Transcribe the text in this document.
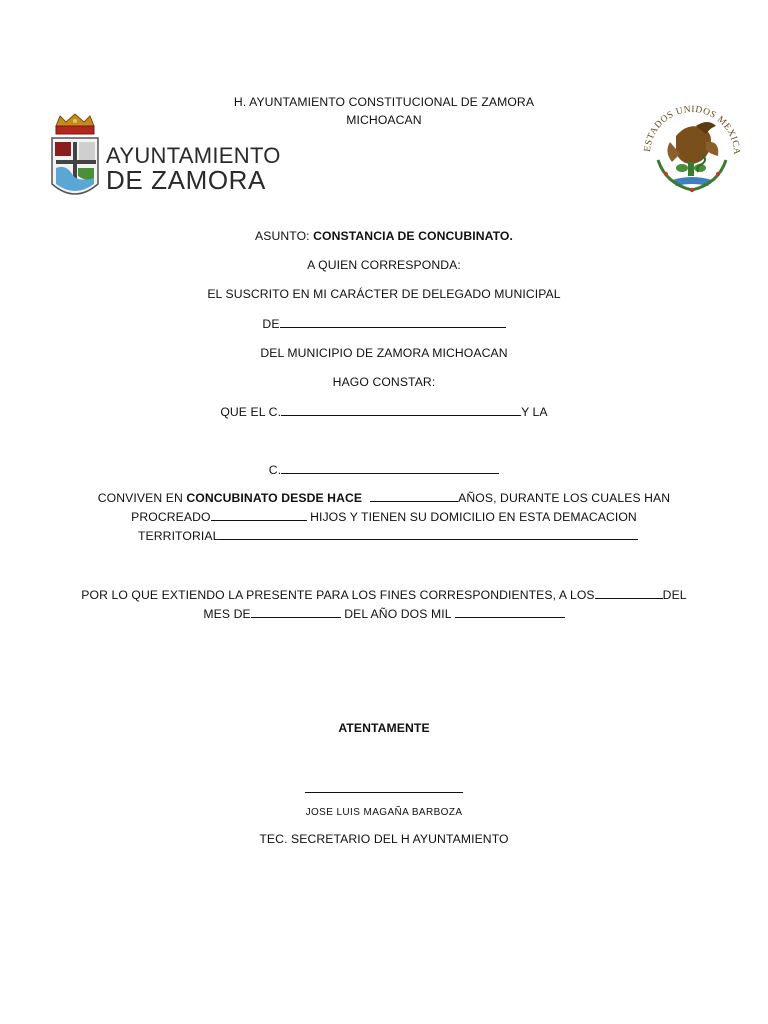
AYUNTAMIENTO
DE ZAMORA
H. AYUNTAMIENTO CONSTITUCIONAL DE ZAMORA
MICHOACAN
ESTADOS UNIDOS MEXICA
ASUNTO: CONSTANCIA DE CONCUBINATO.
A QUIEN CORRESPONDA:
EL SUSCRITO EN MI CARÁCTER DE DELEGADO MUNICIPAL
DE
DEL MUNICIPIO DE ZAMORA MICHOACAN
HAGO CONSTAR:
QUE EL C.	Y LA
C.
CONVIVEN EN CONCUBINATO DESDE HACE	AÑOS, DURANTE LOS CUALES HAN
PROCREADO	HIJOS Y TIENEN SU DOMICILIO EN ESTA DEMACACION
TERRITORIAL
POR LO QUE EXTIENDO LA PRESENTE PARA LOS FINES CORRESPONDIENTES, A LOS	DEL
MES DE	DEL AÑO DOS MIL
ATENTAMENTE
JOSE LUIS MAGAÑA BARBOZA
TEC. SECRETARIO DEL H AYUNTAMIENTO
